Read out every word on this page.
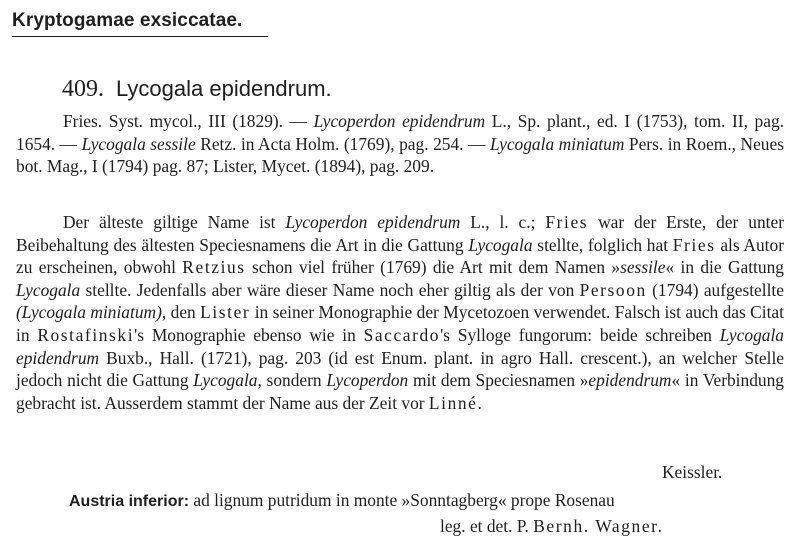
Kryptogamae exsiccatae.
409. Lycogala epidendrum.
Fries. Syst. mycol., III (1829). — Lycoperdon epidendrum L., Sp. plant., ed. I (1753), tom. II, pag. 1654. — Lycogala sessile Retz. in Acta Holm. (1769), pag. 254. — Lycogala miniatum Pers. in Roem., Neues bot. Mag., I (1794) pag. 87; Lister, Mycet. (1894), pag. 209.
Der älteste giltige Name ist Lycoperdon epidendrum L., l. c.; Fries war der Erste, der unter Beibehaltung des ältesten Speciesnamens die Art in die Gattung Lycogala stellte, folglich hat Fries als Autor zu erscheinen, obwohl Retzius schon viel früher (1769) die Art mit dem Namen »sessile« in die Gattung Lycogala stellte. Jedenfalls aber wäre dieser Name noch eher giltig als der von Persoon (1794) aufgestellte (Lycogala miniatum), den Lister in seiner Monographie der Mycetozoen verwendet. Falsch ist auch das Citat in Rostafinski's Monographie ebenso wie in Saccardo's Sylloge fungorum: beide schreiben Lycogala epidendrum Buxb., Hall. (1721), pag. 203 (id est Enum. plant. in agro Hall. crescent.), an welcher Stelle jedoch nicht die Gattung Lycogala, sondern Lycoperdon mit dem Speciesnamen »epidendrum« in Verbindung gebracht ist. Ausserdem stammt der Name aus der Zeit vor Linné.
Keissler.
Austria inferior: ad lignum putridum in monte »Sonntagberg« prope Rosenau
leg. et det. P. Bernh. Wagner.
